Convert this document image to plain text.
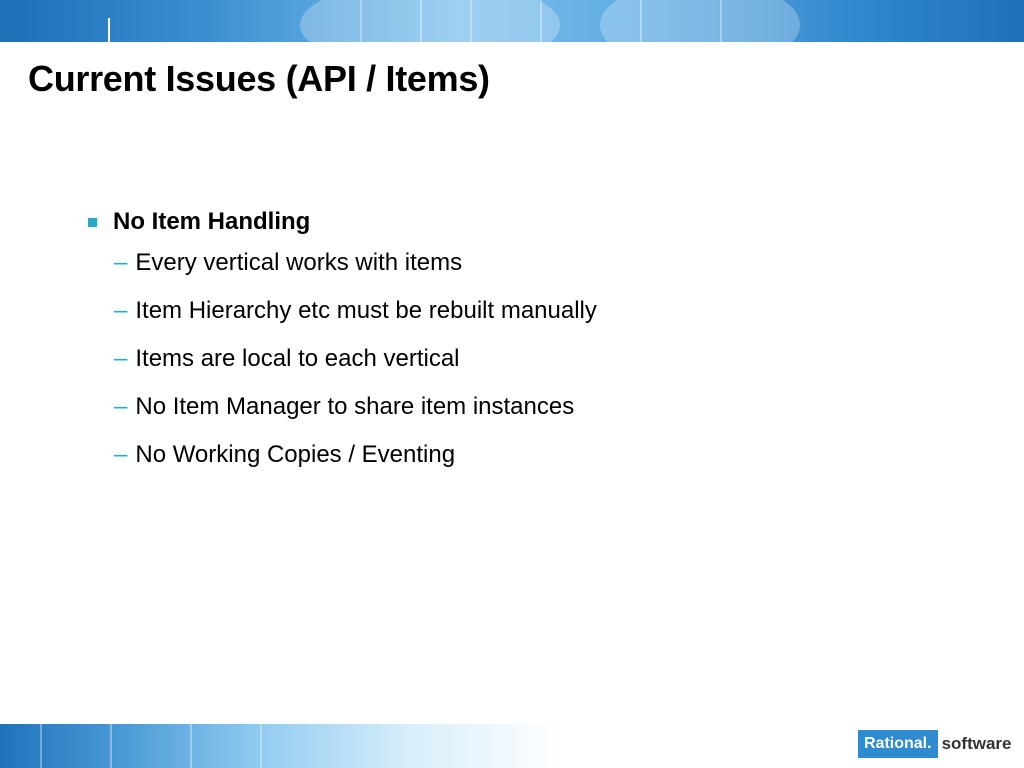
Current Issues (API / Items)
No Item Handling
– Every vertical works with items
– Item Hierarchy etc must be rebuilt manually
– Items are local to each vertical
– No Item Manager to share item instances
– No Working Copies / Eventing
Rational. software
